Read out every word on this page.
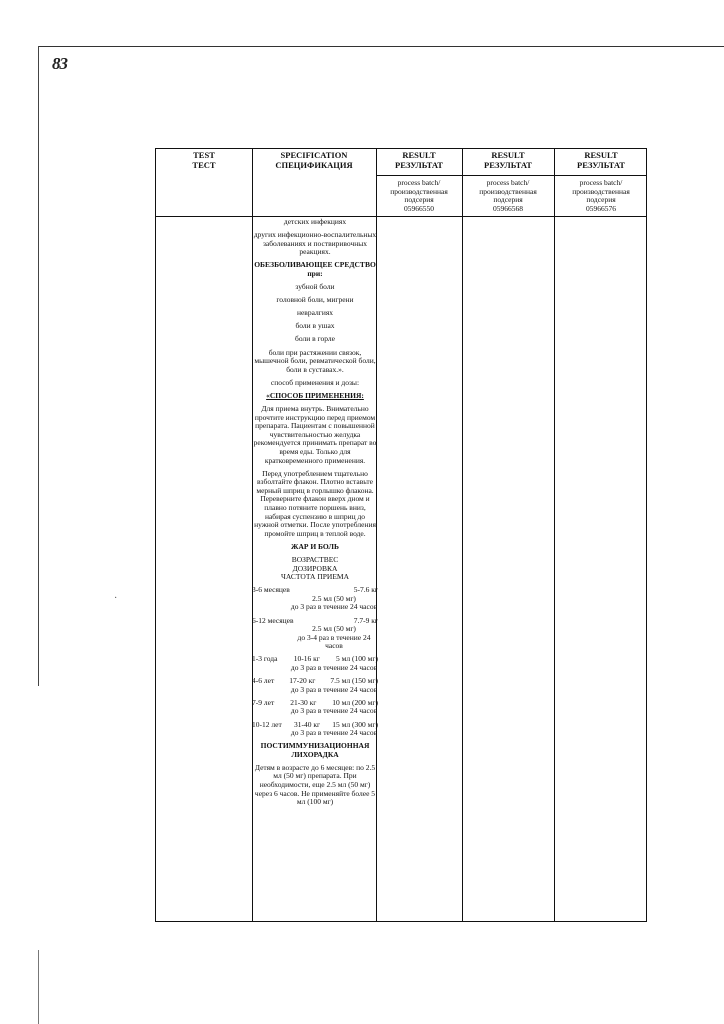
83
·
TEST
ТЕСТ
SPECIFICATION
СПЕЦИФИКАЦИЯ
RESULT
РЕЗУЛЬТАТ
RESULT
РЕЗУЛЬТАТ
RESULT
РЕЗУЛЬТАТ
process batch/
производственная
подсерия
05966550
process batch/
производственная
подсерия
05966568
process batch/
производственная
подсерия
05966576

детских инфекциях

других инфекционно-воспалительных заболеваниях и поствиривочных реакциях.

ОБЕЗБОЛИВАЮЩЕЕ СРЕДСТВО при:

зубной боли

головной боли, мигрени

невралгиях

боли в ушах

боли в горле

боли при растяжении связок, мышечной боли, ревматической боли, боли в суставах.».

способ применения и дозы:

«СПОСОБ ПРИМЕНЕНИЯ:

Для приема внутрь. Внимательно прочтите инструкцию перед приемом препарата. Пациентам с повышенной чувствительностью желудка рекомендуется принимать препарат во время еды. Только для кратковременного применения.

Перед употреблением тщательно взболтайте флакон. Плотно вставьте мерный шприц в горлышко флакона. Переверните флакон вверх дном и плавно потяните поршень вниз, набирая суспензию в шприц до нужной отметки. После употребления промойте шприц в теплой воде.

ЖАР И БОЛЬ

ВОЗРАСТВЕС
ДОЗИРОВКА
ЧАСТОТА ПРИЕМА

3-6 месяцев	5-7.6 кг
2.5 мл (50 мг)
до 3 раз в течение 24 часов
6-12 месяцев	7.7-9 кг
2.5 мл (50 мг)
до 3-4 раз в течение 24 часов
1-3 года 10-16 кг 5 мл (100 мг)
до 3 раз в течение 24 часов
4-6 лет 17-20 кг 7.5 мл (150 мг)
до 3 раз в течение 24 часов
7-9 лет 21-30 кг 10 мл (200 мг)
до 3 раз в течение 24 часов
10-12 лет 31-40 кг 15 мл (300 мг)
до 3 раз в течение 24 часов

ПОСТИММУНИЗАЦИОННАЯ ЛИХОРАДКА

Детям в возрасте до 6 месяцев: по 2.5 мл (50 мг) препарата. При необходимости, еще 2.5 мл (50 мг) через 6 часов. Не применяйте более 5 мл (100 мг)
